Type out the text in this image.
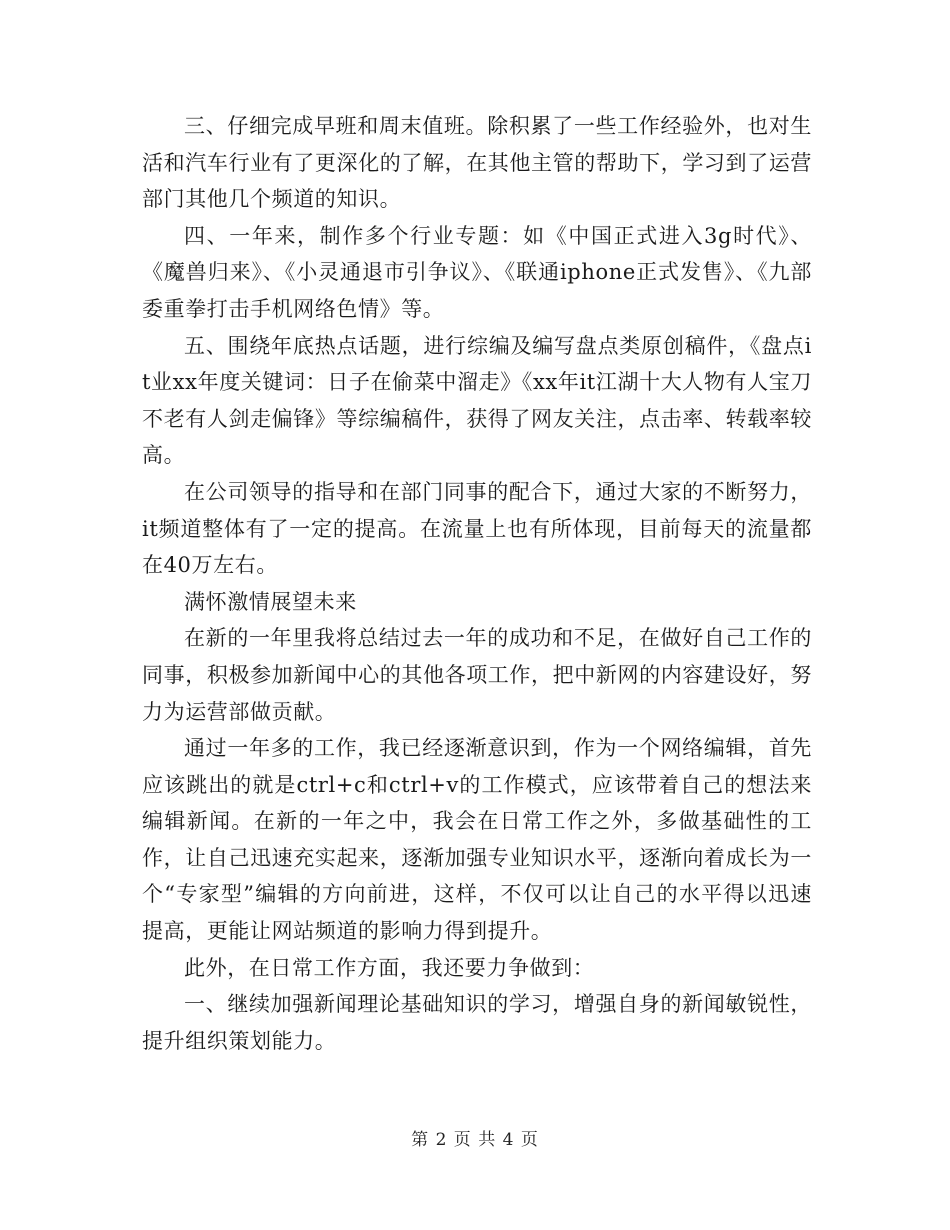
三、仔细完成早班和周末值班。除积累了一些工作经验外，也对生活和汽车行业有了更深化的了解，在其他主管的帮助下，学习到了运营部门其他几个频道的知识。

四、一年来，制作多个行业专题：如《中国正式进入3g时代》、《魔兽归来》、《小灵通退市引争议》、《联通iphone正式发售》、《九部委重拳打击手机网络色情》等。

五、围绕年底热点话题，进行综编及编写盘点类原创稿件，《盘点it业xx年度关键词：日子在偷菜中溜走》《xx年it江湖十大人物有人宝刀不老有人剑走偏锋》等综编稿件，获得了网友关注，点击率、转载率较高。

在公司领导的指导和在部门同事的配合下，通过大家的不断努力，it频道整体有了一定的提高。在流量上也有所体现，目前每天的流量都在40万左右。

满怀激情展望未来

在新的一年里我将总结过去一年的成功和不足，在做好自己工作的同事，积极参加新闻中心的其他各项工作，把中新网的内容建设好，努力为运营部做贡献。

通过一年多的工作，我已经逐渐意识到，作为一个网络编辑，首先应该跳出的就是ctrl+c和ctrl+v的工作模式，应该带着自己的想法来编辑新闻。在新的一年之中，我会在日常工作之外，多做基础性的工作，让自己迅速充实起来，逐渐加强专业知识水平，逐渐向着成长为一个“专家型”编辑的方向前进，这样，不仅可以让自己的水平得以迅速提高，更能让网站频道的影响力得到提升。

此外，在日常工作方面，我还要力争做到：

一、继续加强新闻理论基础知识的学习，增强自身的新闻敏锐性，提升组织策划能力。

第 2 页 共 4 页
